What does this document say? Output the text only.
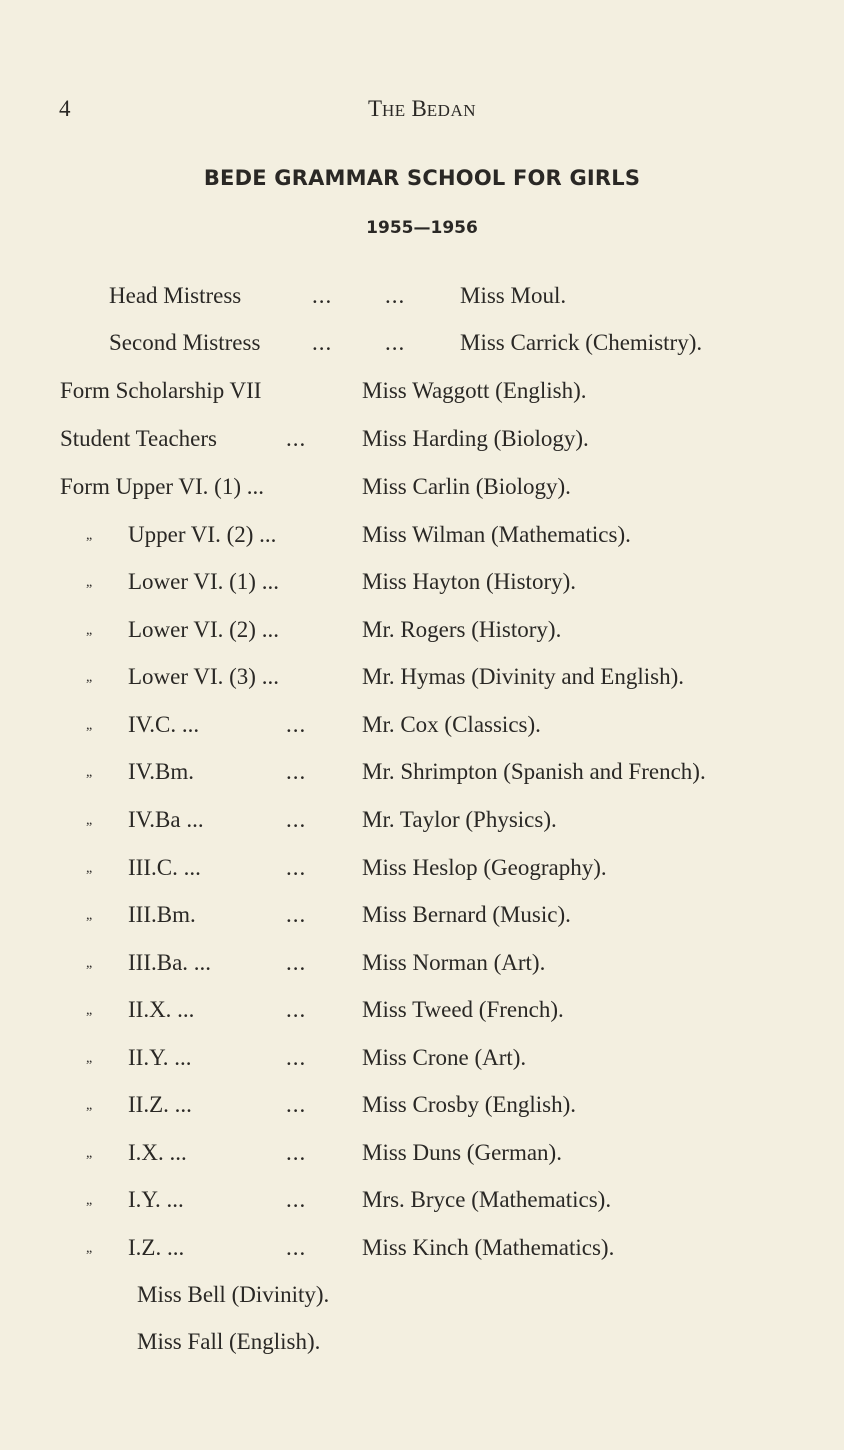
4	THE BEDAN
BEDE GRAMMAR SCHOOL FOR GIRLS
1955—1956
Head Mistress	... ... Miss Moul.
Second Mistress ... ... Miss Carrick (Chemistry).
Form Scholarship VII	Miss Waggott (English).
Student Teachers	... Miss Harding (Biology).
Form Upper VI. (1) ...	Miss Carlin (Biology).
„ Upper VI. (2) ...	Miss Wilman (Mathematics).
„ Lower VI. (1) ...	Miss Hayton (History).
„ Lower VI. (2) ...	Mr. Rogers (History).
„ Lower VI. (3) ...	Mr. Hymas (Divinity and English).
„ IV.C. ...	... Mr. Cox (Classics).
„ IV.Bm.	... Mr. Shrimpton (Spanish and French).
„ IV.Ba ...	... Mr. Taylor (Physics).
„ III.C. ...	... Miss Heslop (Geography).
„ III.Bm.	... Miss Bernard (Music).
„ III.Ba. ...	... Miss Norman (Art).
„ II.X. ...	... Miss Tweed (French).
„ II.Y. ...	... Miss Crone (Art).
„ II.Z. ...	... Miss Crosby (English).
„ I.X. ...	... Miss Duns (German).
„ I.Y. ...	... Mrs. Bryce (Mathematics).
„ I.Z. ...	... Miss Kinch (Mathematics).
Miss Bell (Divinity).
Miss Fall (English).
